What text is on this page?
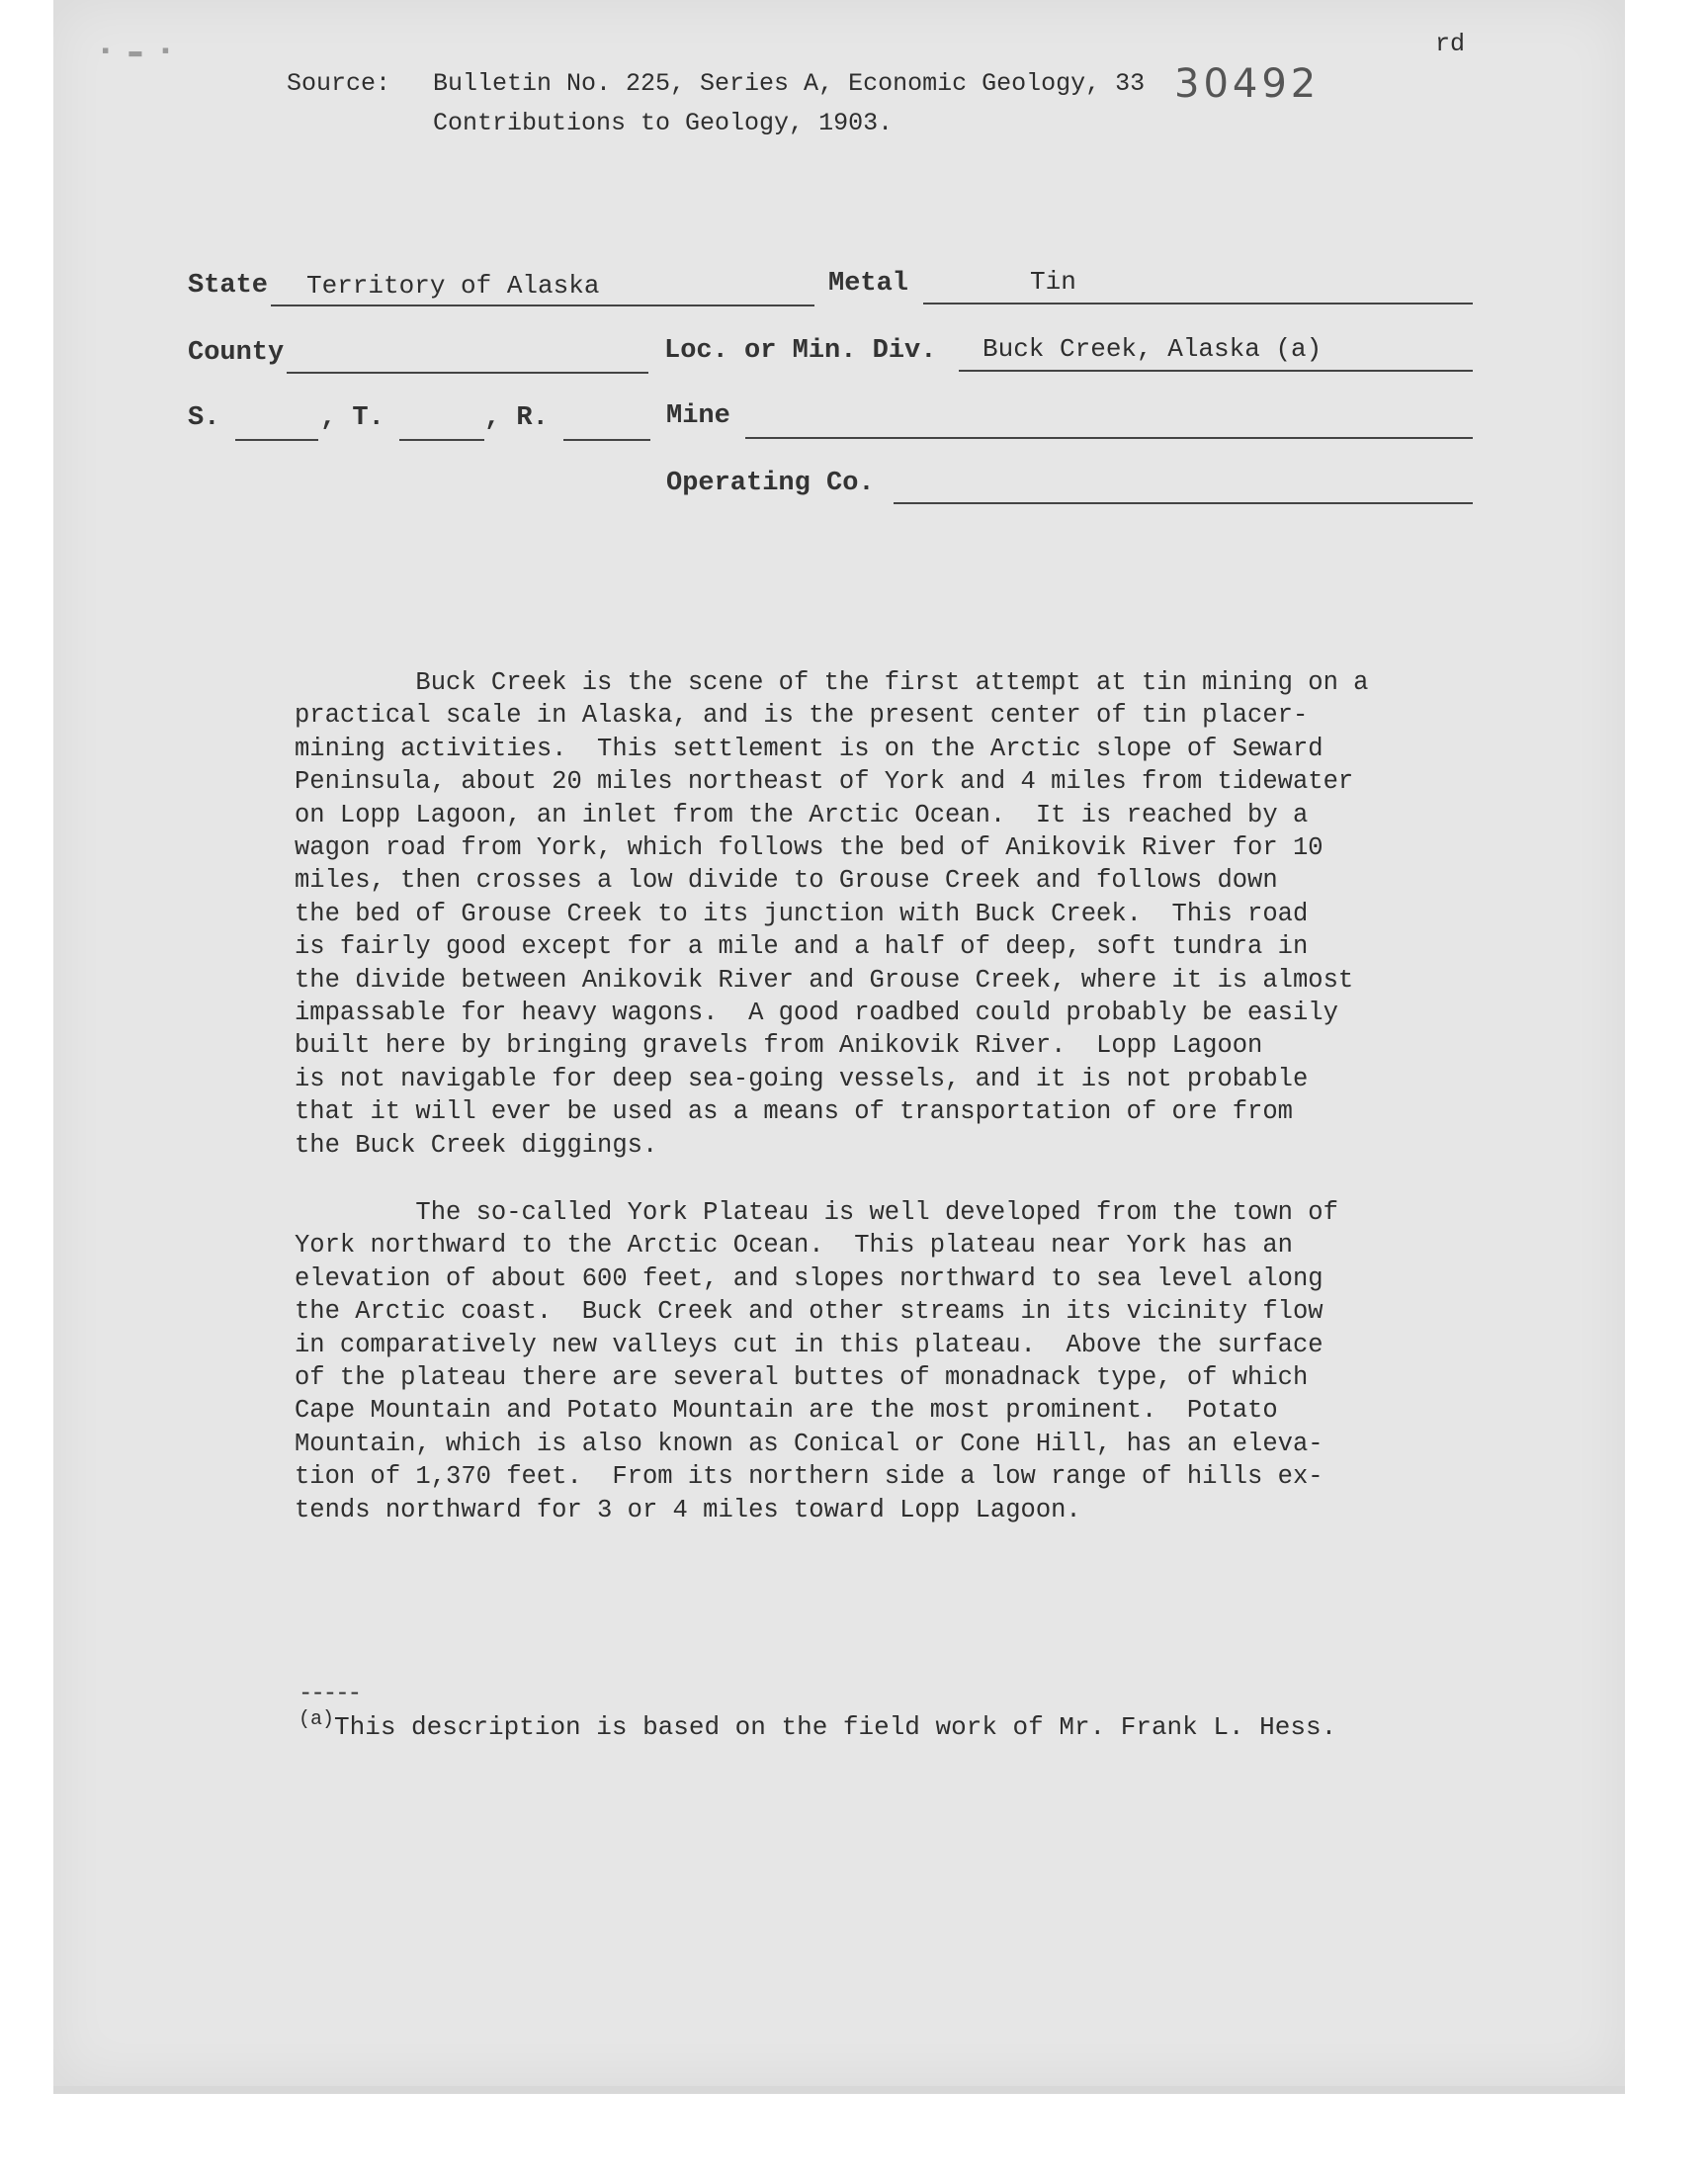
▪ ▬ ▪	rd
Source: Bulletin No. 225, Series A, Economic Geology, 33
Contributions to Geology, 1903.
30492
State Territory of Alaska	Metal	Tin
County	Loc. or Min. Div. Buck Creek, Alaska (a)
S.	, T.	, R.	Mine
Operating Co.
Buck Creek is the scene of the first attempt at tin mining on a
practical scale in Alaska, and is the present center of tin placer-
mining activities.  This settlement is on the Arctic slope of Seward
Peninsula, about 20 miles northeast of York and 4 miles from tidewater
on Lopp Lagoon, an inlet from the Arctic Ocean.  It is reached by a
wagon road from York, which follows the bed of Anikovik River for 10
miles, then crosses a low divide to Grouse Creek and follows down
the bed of Grouse Creek to its junction with Buck Creek.  This road
is fairly good except for a mile and a half of deep, soft tundra in
the divide between Anikovik River and Grouse Creek, where it is almost
impassable for heavy wagons.  A good roadbed could probably be easily
built here by bringing gravels from Anikovik River.  Lopp Lagoon
is not navigable for deep sea-going vessels, and it is not probable
that it will ever be used as a means of transportation of ore from
the Buck Creek diggings.
The so-called York Plateau is well developed from the town of
York northward to the Arctic Ocean.  This plateau near York has an
elevation of about 600 feet, and slopes northward to sea level along
the Arctic coast.  Buck Creek and other streams in its vicinity flow
in comparatively new valleys cut in this plateau.  Above the surface
of the plateau there are several buttes of monadnack type, of which
Cape Mountain and Potato Mountain are the most prominent.  Potato
Mountain, which is also known as Conical or Cone Hill, has an eleva-
tion of 1,370 feet.  From its northern side a low range of hills ex-
tends northward for 3 or 4 miles toward Lopp Lagoon.
-----
$^{(a)}$This description is based on the field work of Mr. Frank L. Hess.
